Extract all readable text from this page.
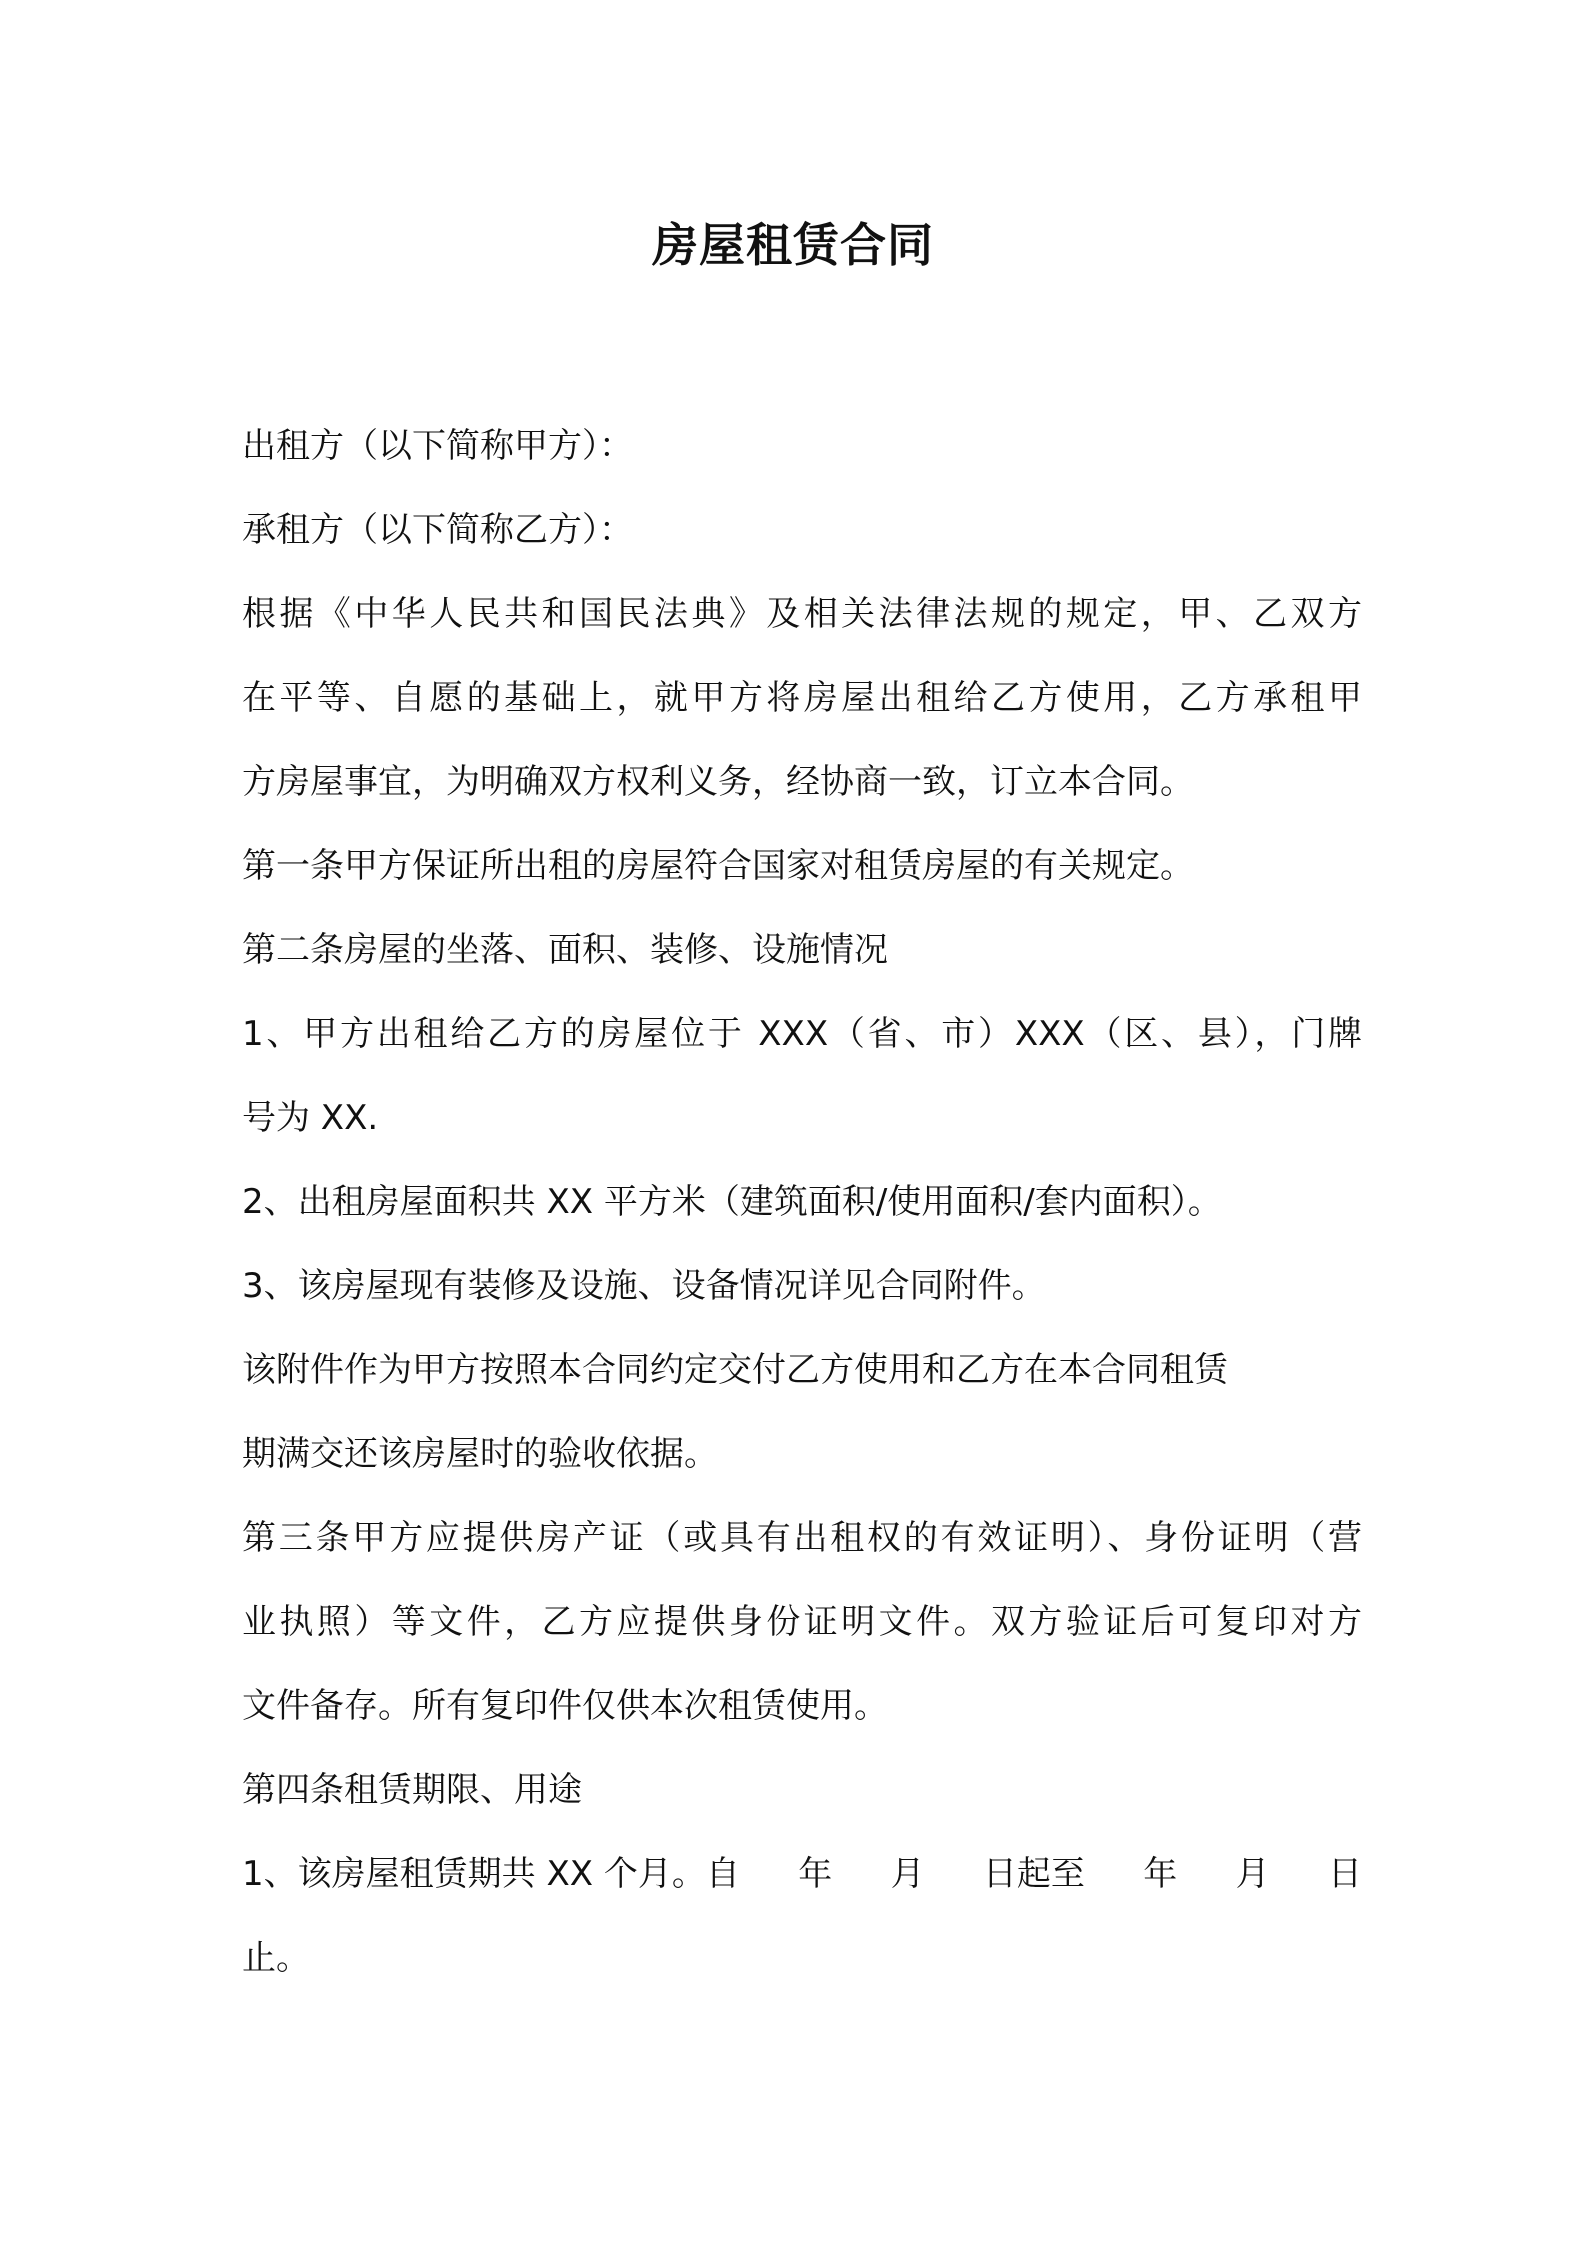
房屋租赁合同
出租方（以下简称甲方）：
承租方（以下简称乙方）：
根据《中华人民共和国民法典》及相关法律法规的规定，甲、乙双方
在平等、自愿的基础上，就甲方将房屋出租给乙方使用，乙方承租甲
方房屋事宜，为明确双方权利义务，经协商一致，订立本合同。
第一条甲方保证所出租的房屋符合国家对租赁房屋的有关规定。
第二条房屋的坐落、面积、装修、设施情况
1、甲方出租给乙方的房屋位于 XXX（省、市）XXX（区、县），门牌
号为 XX.
2、出租房屋面积共 XX 平方米（建筑面积/使用面积/套内面积）。
3、该房屋现有装修及设施、设备情况详见合同附件。
该附件作为甲方按照本合同约定交付乙方使用和乙方在本合同租赁
期满交还该房屋时的验收依据。
第三条甲方应提供房产证（或具有出租权的有效证明）、身份证明（营
业执照）等文件，乙方应提供身份证明文件。双方验证后可复印对方
文件备存。所有复印件仅供本次租赁使用。
第四条租赁期限、用途
1、该房屋租赁期共 XX 个月。自 年 月 日起至 年 月 日
止。
